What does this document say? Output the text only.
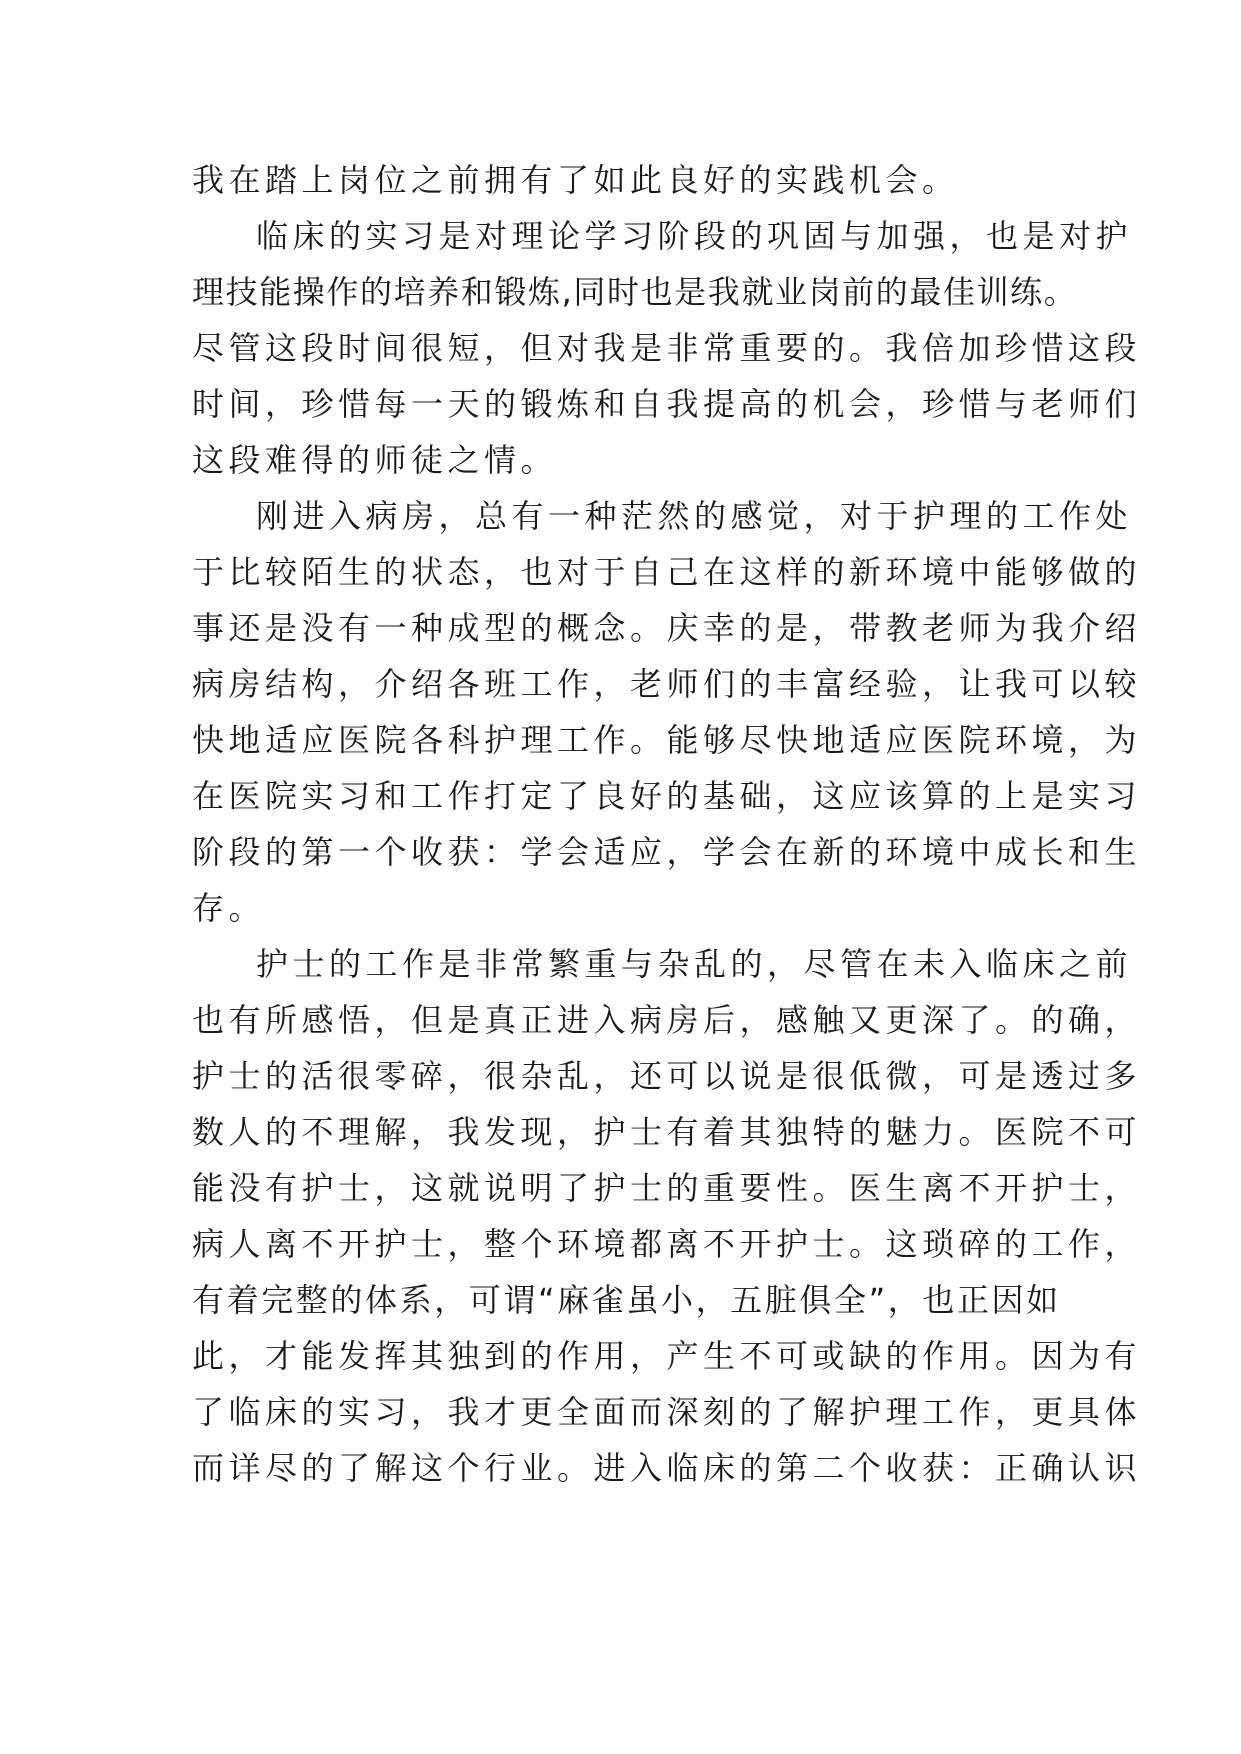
我在踏上岗位之前拥有了如此良好的实践机会。
临床的实习是对理论学习阶段的巩固与加强，也是对护
理技能操作的培养和锻炼,同时也是我就业岗前的最佳训练。
尽管这段时间很短，但对我是非常重要的。我倍加珍惜这段
时间，珍惜每一天的锻炼和自我提高的机会，珍惜与老师们
这段难得的师徒之情。
刚进入病房，总有一种茫然的感觉，对于护理的工作处
于比较陌生的状态，也对于自己在这样的新环境中能够做的
事还是没有一种成型的概念。庆幸的是，带教老师为我介绍
病房结构，介绍各班工作，老师们的丰富经验，让我可以较
快地适应医院各科护理工作。能够尽快地适应医院环境，为
在医院实习和工作打定了良好的基础，这应该算的上是实习
阶段的第一个收获：学会适应，学会在新的环境中成长和生
存。
护士的工作是非常繁重与杂乱的，尽管在未入临床之前
也有所感悟，但是真正进入病房后，感触又更深了。的确，
护士的活很零碎，很杂乱，还可以说是很低微，可是透过多
数人的不理解，我发现，护士有着其独特的魅力。医院不可
能没有护士，这就说明了护士的重要性。医生离不开护士，
病人离不开护士，整个环境都离不开护士。这琐碎的工作，
有着完整的体系，可谓“麻雀虽小，五脏俱全”，也正因如
此，才能发挥其独到的作用，产生不可或缺的作用。因为有
了临床的实习，我才更全面而深刻的了解护理工作，更具体
而详尽的了解这个行业。进入临床的第二个收获：正确认识
